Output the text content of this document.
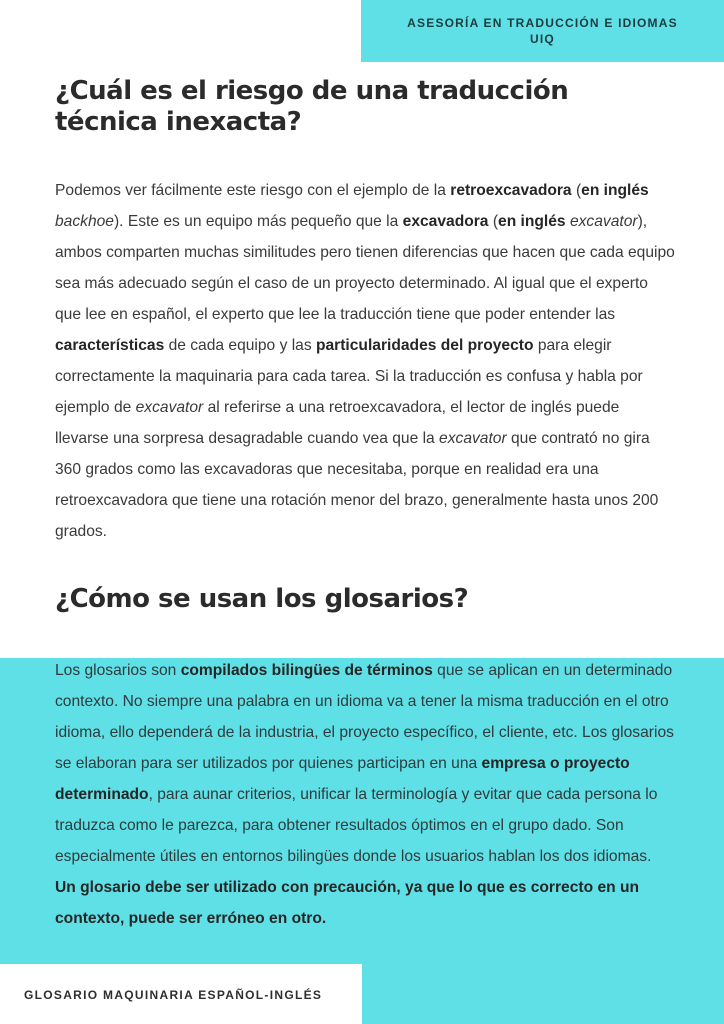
ASESORÍA EN TRADUCCIÓN E IDIOMAS
UIQ
¿Cuál es el riesgo de una traducción técnica inexacta?

Podemos ver fácilmente este riesgo con el ejemplo de la retroexcavadora (en inglés backhoe). Este es un equipo más pequeño que la excavadora (en inglés excavator), ambos comparten muchas similitudes pero tienen diferencias que hacen que cada equipo sea más adecuado según el caso de un proyecto determinado. Al igual que el experto que lee en español, el experto que lee la traducción tiene que poder entender las características de cada equipo y las particularidades del proyecto para elegir correctamente la maquinaria para cada tarea. Si la traducción es confusa y habla por ejemplo de excavator al referirse a una retroexcavadora, el lector de inglés puede llevarse una sorpresa desagradable cuando vea que la excavator que contrató no gira 360 grados como las excavadoras que necesitaba, porque en realidad era una retroexcavadora que tiene una rotación menor del brazo, generalmente hasta unos 200 grados.

¿Cómo se usan los glosarios?

Los glosarios son compilados bilingües de términos que se aplican en un determinado contexto. No siempre una palabra en un idioma va a tener la misma traducción en el otro idioma, ello dependerá de la industria, el proyecto específico, el cliente, etc. Los glosarios se elaboran para ser utilizados por quienes participan en una empresa o proyecto determinado, para aunar criterios, unificar la terminología y evitar que cada persona lo traduzca como le parezca, para obtener resultados óptimos en el grupo dado. Son especialmente útiles en entornos bilingües donde los usuarios hablan los dos idiomas. Un glosario debe ser utilizado con precaución, ya que lo que es correcto en un contexto, puede ser erróneo en otro.

GLOSARIO MAQUINARIA ESPAÑOL-INGLÉS
